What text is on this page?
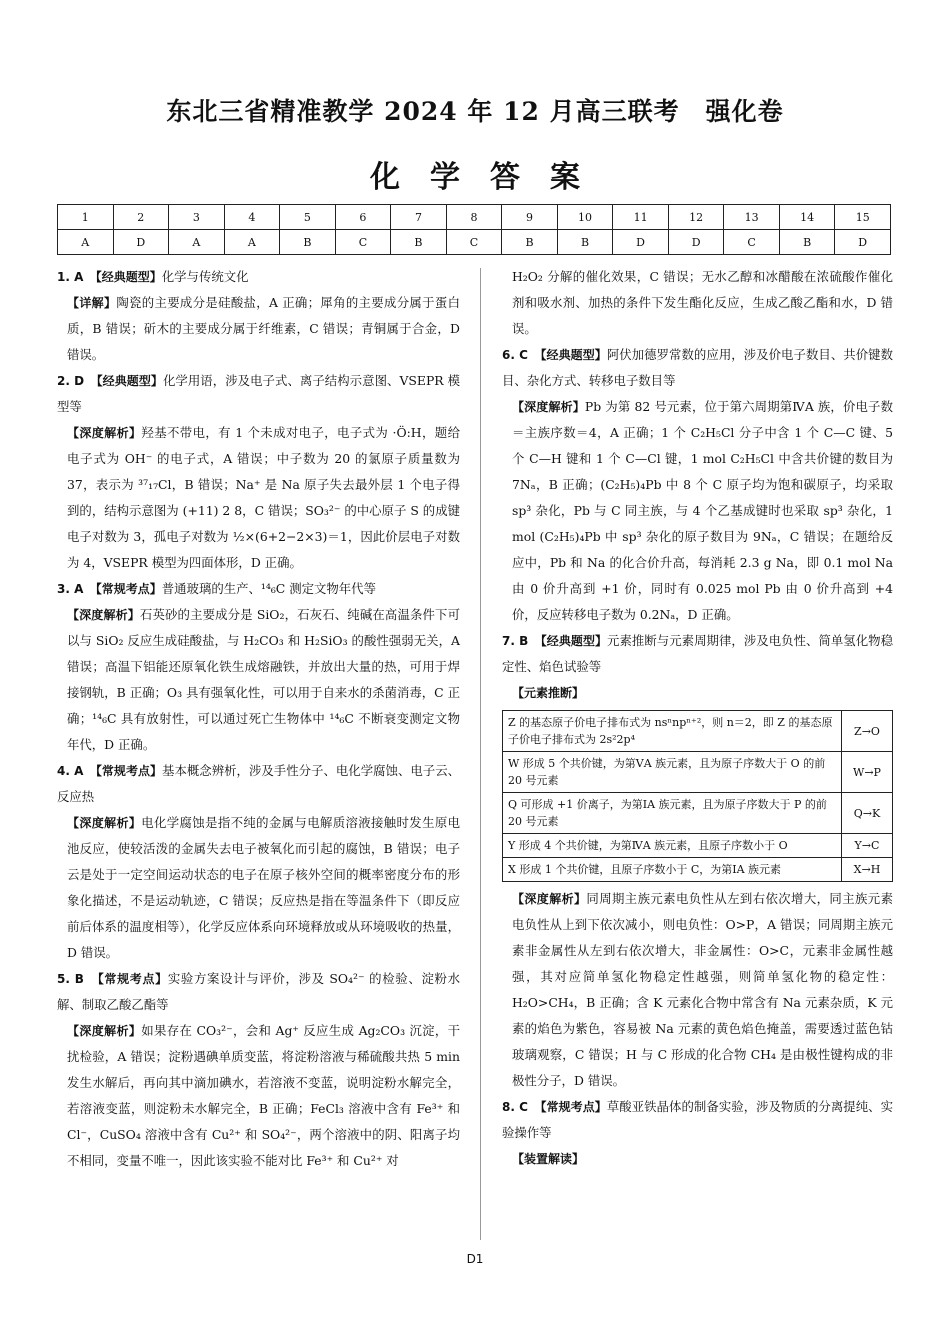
东北三省精准教学 2024 年 12 月高三联考　强化卷
化学答案
1	2	3	4	5	6	7	8	9	10	11	12	13	14	15
A	D	A	A	B	C	B	C	B	B	D	D	C	B	D

1. A　 【经典题型】化学与传统文化

【详解】陶瓷的主要成分是硅酸盐，A 正确；犀角的主要成分属于蛋白质，B 错误；斫木的主要成分属于纤维素，C 错误；青铜属于合金，D 错误。

2. D　 【经典题型】化学用语，涉及电子式、离子结构示意图、VSEPR 模型等

【深度解析】羟基不带电，有 1 个未成对电子，电子式为 ·Ö:H，题给电子式为 OH⁻ 的电子式，A 错误；中子数为 20 的氯原子质量数为 37，表示为 ³⁷₁₇Cl，B 错误；Na⁺ 是 Na 原子失去最外层 1 个电子得到的，结构示意图为 (+11) 2 8，C 错误；SO₃²⁻ 的中心原子 S 的成键电子对数为 3，孤电子对数为 ½×(6+2−2×3)＝1，因此价层电子对数为 4，VSEPR 模型为四面体形，D 正确。

3. A　 【常规考点】普通玻璃的生产、¹⁴₆C 测定文物年代等

【深度解析】石英砂的主要成分是 SiO₂，石灰石、纯碱在高温条件下可以与 SiO₂ 反应生成硅酸盐，与 H₂CO₃ 和 H₂SiO₃ 的酸性强弱无关，A 错误；高温下铝能还原氧化铁生成熔融铁，并放出大量的热，可用于焊接钢轨，B 正确；O₃ 具有强氧化性，可以用于自来水的杀菌消毒，C 正确；¹⁴₆C 具有放射性，可以通过死亡生物体中 ¹⁴₆C 不断衰变测定文物年代，D 正确。

4. A　 【常规考点】基本概念辨析，涉及手性分子、电化学腐蚀、电子云、反应热

【深度解析】电化学腐蚀是指不纯的金属与电解质溶液接触时发生原电池反应，使较活泼的金属失去电子被氧化而引起的腐蚀，B 错误；电子云是处于一定空间运动状态的电子在原子核外空间的概率密度分布的形象化描述，不是运动轨迹，C 错误；反应热是指在等温条件下（即反应前后体系的温度相等），化学反应体系向环境释放或从环境吸收的热量，D 错误。

5. B　 【常规考点】实验方案设计与评价，涉及 SO₄²⁻ 的检验、淀粉水解、制取乙酸乙酯等

【深度解析】如果存在 CO₃²⁻，会和 Ag⁺ 反应生成 Ag₂CO₃ 沉淀，干扰检验，A 错误；淀粉遇碘单质变蓝，将淀粉溶液与稀硫酸共热 5 min 发生水解后，再向其中滴加碘水，若溶液不变蓝，说明淀粉水解完全，若溶液变蓝，则淀粉未水解完全，B 正确；FeCl₃ 溶液中含有 Fe³⁺ 和 Cl⁻，CuSO₄ 溶液中含有 Cu²⁺ 和 SO₄²⁻，两个溶液中的阴、阳离子均不相同，变量不唯一，因此该实验不能对比 Fe³⁺ 和 Cu²⁺ 对

H₂O₂ 分解的催化效果，C 错误；无水乙醇和冰醋酸在浓硫酸作催化剂和吸水剂、加热的条件下发生酯化反应，生成乙酸乙酯和水，D 错误。

6. C　 【经典题型】阿伏加德罗常数的应用，涉及价电子数目、共价键数目、杂化方式、转移电子数目等

【深度解析】Pb 为第 82 号元素，位于第六周期第ⅣA 族，价电子数＝主族序数＝4，A 正确；1 个 C₂H₅Cl 分子中含 1 个 C—C 键、5 个 C—H 键和 1 个 C—Cl 键，1 mol C₂H₅Cl 中含共价键的数目为 7Nₐ，B 正确；(C₂H₅)₄Pb 中 8 个 C 原子均为饱和碳原子，均采取 sp³ 杂化，Pb 与 C 同主族，与 4 个乙基成键时也采取 sp³ 杂化，1 mol (C₂H₅)₄Pb 中 sp³ 杂化的原子数目为 9Nₐ，C 错误；在题给反应中，Pb 和 Na 的化合价升高，每消耗 2.3 g Na，即 0.1 mol Na 由 0 价升高到 +1 价，同时有 0.025 mol Pb 由 0 价升高到 +4 价，反应转移电子数为 0.2Nₐ，D 正确。

7. B　 【经典题型】元素推断与元素周期律，涉及电负性、简单氢化物稳定性、焰色试验等

【元素推断】

Z 的基态原子价电子排布式为 nsⁿnpⁿ⁺²，则 n＝2，即 Z 的基态原子价电子排布式为 2s²2p⁴	Z→O
W 形成 5 个共价键，为第ⅤA 族元素，且为原子序数大于 O 的前 20 号元素	W→P
Q 可形成 +1 价离子，为第ⅠA 族元素，且为原子序数大于 P 的前 20 号元素	Q→K
Y 形成 4 个共价键，为第ⅣA 族元素，且原子序数小于 O	Y→C
X 形成 1 个共价键，且原子序数小于 C，为第ⅠA 族元素	X→H

【深度解析】同周期主族元素电负性从左到右依次增大，同主族元素电负性从上到下依次减小，则电负性：O>P，A 错误；同周期主族元素非金属性从左到右依次增大，非金属性：O>C，元素非金属性越强，其对应简单氢化物稳定性越强，则简单氢化物的稳定性：H₂O>CH₄，B 正确；含 K 元素化合物中常含有 Na 元素杂质，K 元素的焰色为紫色，容易被 Na 元素的黄色焰色掩盖，需要透过蓝色钴玻璃观察，C 错误；H 与 C 形成的化合物 CH₄ 是由极性键构成的非极性分子，D 错误。

8. C　 【常规考点】草酸亚铁晶体的制备实验，涉及物质的分离提纯、实验操作等

【装置解读】

D1
